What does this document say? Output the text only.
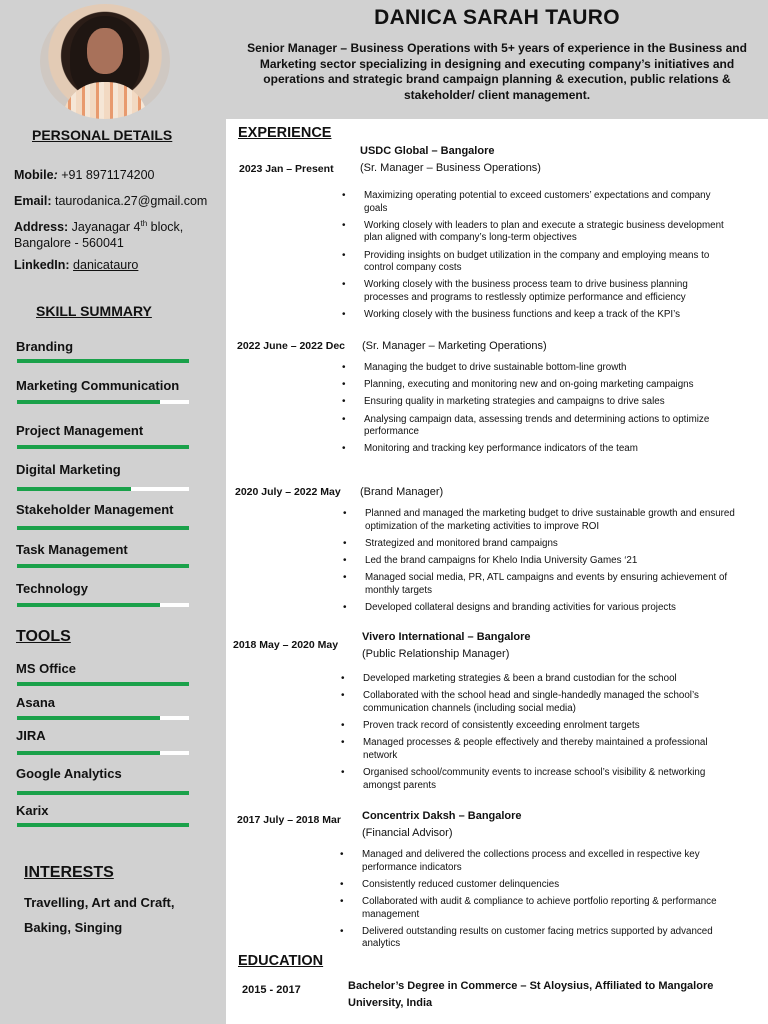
DANICA SARAH TAURO
Senior Manager – Business Operations with 5+ years of experience in the Business and Marketing sector specializing in designing and executing company’s initiatives and operations and strategic brand campaign planning & execution, public relations & stakeholder/ client management.
PERSONAL DETAILS
Mobile: +91 8971174200
Email: taurodanica.27@gmail.com
Address: Jayanagar 4th block,
Bangalore - 560041
LinkedIn: danicatauro
SKILL SUMMARY
Branding
Marketing Communication
Project Management
Digital Marketing
Stakeholder Management
Task Management
Technology
TOOLS
MS Office
Asana
JIRA
Google Analytics
Karix
INTERESTS
Travelling, Art and Craft, Baking, Singing
EXPERIENCE
USDC Global – Bangalore
2023 Jan – Present (Sr. Manager – Business Operations)
• Maximizing operating potential to exceed customers’ expectations and company goals
• Working closely with leaders to plan and execute a strategic business development plan aligned with company’s long-term objectives
• Providing insights on budget utilization in the company and employing means to control company costs
• Working closely with the business process team to drive business planning processes and programs to restlessly optimize performance and efficiency
• Working closely with the business functions and keep a track of the KPI’s
2022 June – 2022 Dec (Sr. Manager – Marketing Operations)
• Managing the budget to drive sustainable bottom-line growth
• Planning, executing and monitoring new and on-going marketing campaigns
• Ensuring quality in marketing strategies and campaigns to drive sales
• Analysing campaign data, assessing trends and determining actions to optimize performance
• Monitoring and tracking key performance indicators of the team
2020 July – 2022 May (Brand Manager)
• Planned and managed the marketing budget to drive sustainable growth and ensured optimization of the marketing activities to improve ROI
• Strategized and monitored brand campaigns
• Led the brand campaigns for Khelo India University Games ‘21
• Managed social media, PR, ATL campaigns and events by ensuring achievement of monthly targets
• Developed collateral designs and branding activities for various projects
Vivero International – Bangalore
2018 May – 2020 May
(Public Relationship Manager)
• Developed marketing strategies & been a brand custodian for the school
• Collaborated with the school head and single-handedly managed the school’s communication channels (including social media)
• Proven track record of consistently exceeding enrolment targets
• Managed processes & people effectively and thereby maintained a professional network
• Organised school/community events to increase school’s visibility & networking amongst parents
Concentrix Daksh – Bangalore
2017 July – 2018 Mar
(Financial Advisor)
• Managed and delivered the collections process and excelled in respective key performance indicators
• Consistently reduced customer delinquencies
• Collaborated with audit & compliance to achieve portfolio reporting & performance management
• Delivered outstanding results on customer facing metrics supported by advanced analytics
EDUCATION
2015 - 2017	Bachelor’s Degree in Commerce – St Aloysius, Affiliated to Mangalore University, India
